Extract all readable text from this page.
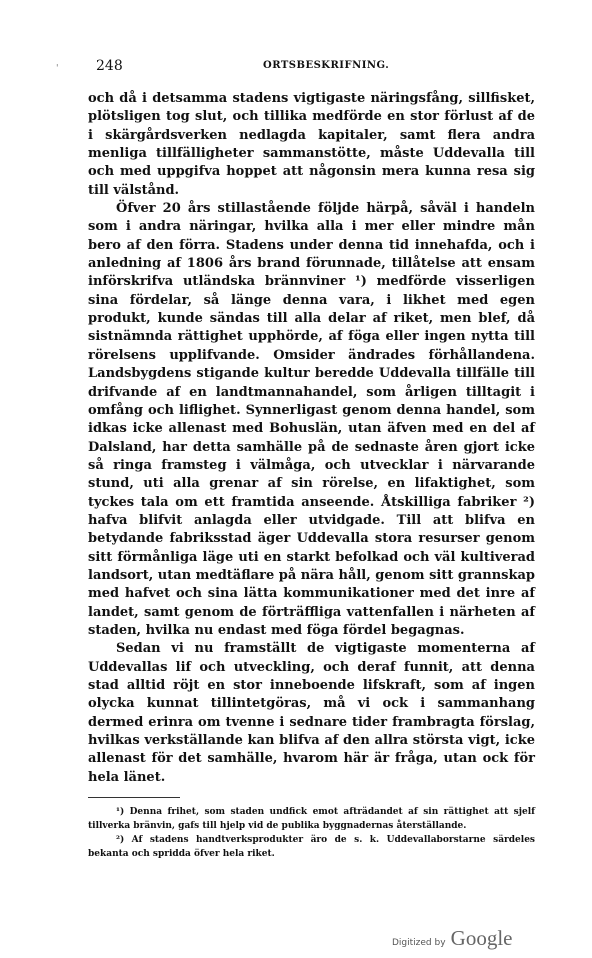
'	248	ORTSBESKRIFNING.

och då i detsamma stadens vigtigaste näringsfång, sillfisket, plötsligen tog slut, och tillika medförde en stor förlust af de i skärgårdsverken nedlagda kapitaler, samt flera andra menliga tillfälligheter sammanstötte, måste Uddevalla till och med uppgifva hoppet att någonsin mera kunna resa sig till välstånd.

Öfver 20 års stillastående följde härpå, såväl i handeln som i andra näringar, hvilka alla i mer eller mindre mån bero af den förra. Stadens under denna tid innehafda, och i anledning af 1806 års brand förunnade, tillåtelse att ensam införskrifva utländska brännviner ¹) medförde visserligen sina fördelar, så länge denna vara, i likhet med egen produkt, kunde sändas till alla delar af riket, men blef, då sistnämnda rättighet upphörde, af föga eller ingen nytta till rörelsens upplifvande. Omsider ändrades förhållandena. Landsbygdens stigande kultur beredde Uddevalla tillfälle till drifvande af en landtmannahandel, som årligen tilltagit i omfång och liflighet. Synnerligast genom denna handel, som idkas icke allenast med Bohuslän, utan äfven med en del af Dalsland, har detta samhälle på de sednaste åren gjort icke så ringa framsteg i välmåga, och utvecklar i närvarande stund, uti alla grenar af sin rörelse, en lifaktighet, som tyckes tala om ett framtida anseende. Åtskilliga fabriker ²) hafva blifvit anlagda eller utvidgade. Till att blifva en betydande fabriksstad äger Uddevalla stora resurser genom sitt förmånliga läge uti en starkt befolkad och väl kultiverad landsort, utan medtäflare på nära håll, genom sitt grannskap med hafvet och sina lätta kommunikationer med det inre af landet, samt genom de förträffliga vattenfallen i närheten af staden, hvilka nu endast med föga fördel begagnas.

Sedan vi nu framställt de vigtigaste momenterna af Uddevallas lif och utveckling, och deraf funnit, att denna stad alltid röjt en stor inneboende lifskraft, som af ingen olycka kunnat tillintetgöras, må vi ock i sammanhang dermed erinra om tvenne i sednare tider frambragta förslag, hvilkas verkställande kan blifva af den allra största vigt, icke allenast för det samhälle, hvarom här är fråga, utan ock för hela länet.

¹) Denna frihet, som staden undfick emot afträdandet af sin rättighet att sjelf tillverka bränvin, gafs till hjelp vid de publika byggnadernas återställande.

²) Af stadens handtverksprodukter äro de s. k. Uddevallaborstarne särdeles bekanta och spridda öfver hela riket.

Digitized by Google
